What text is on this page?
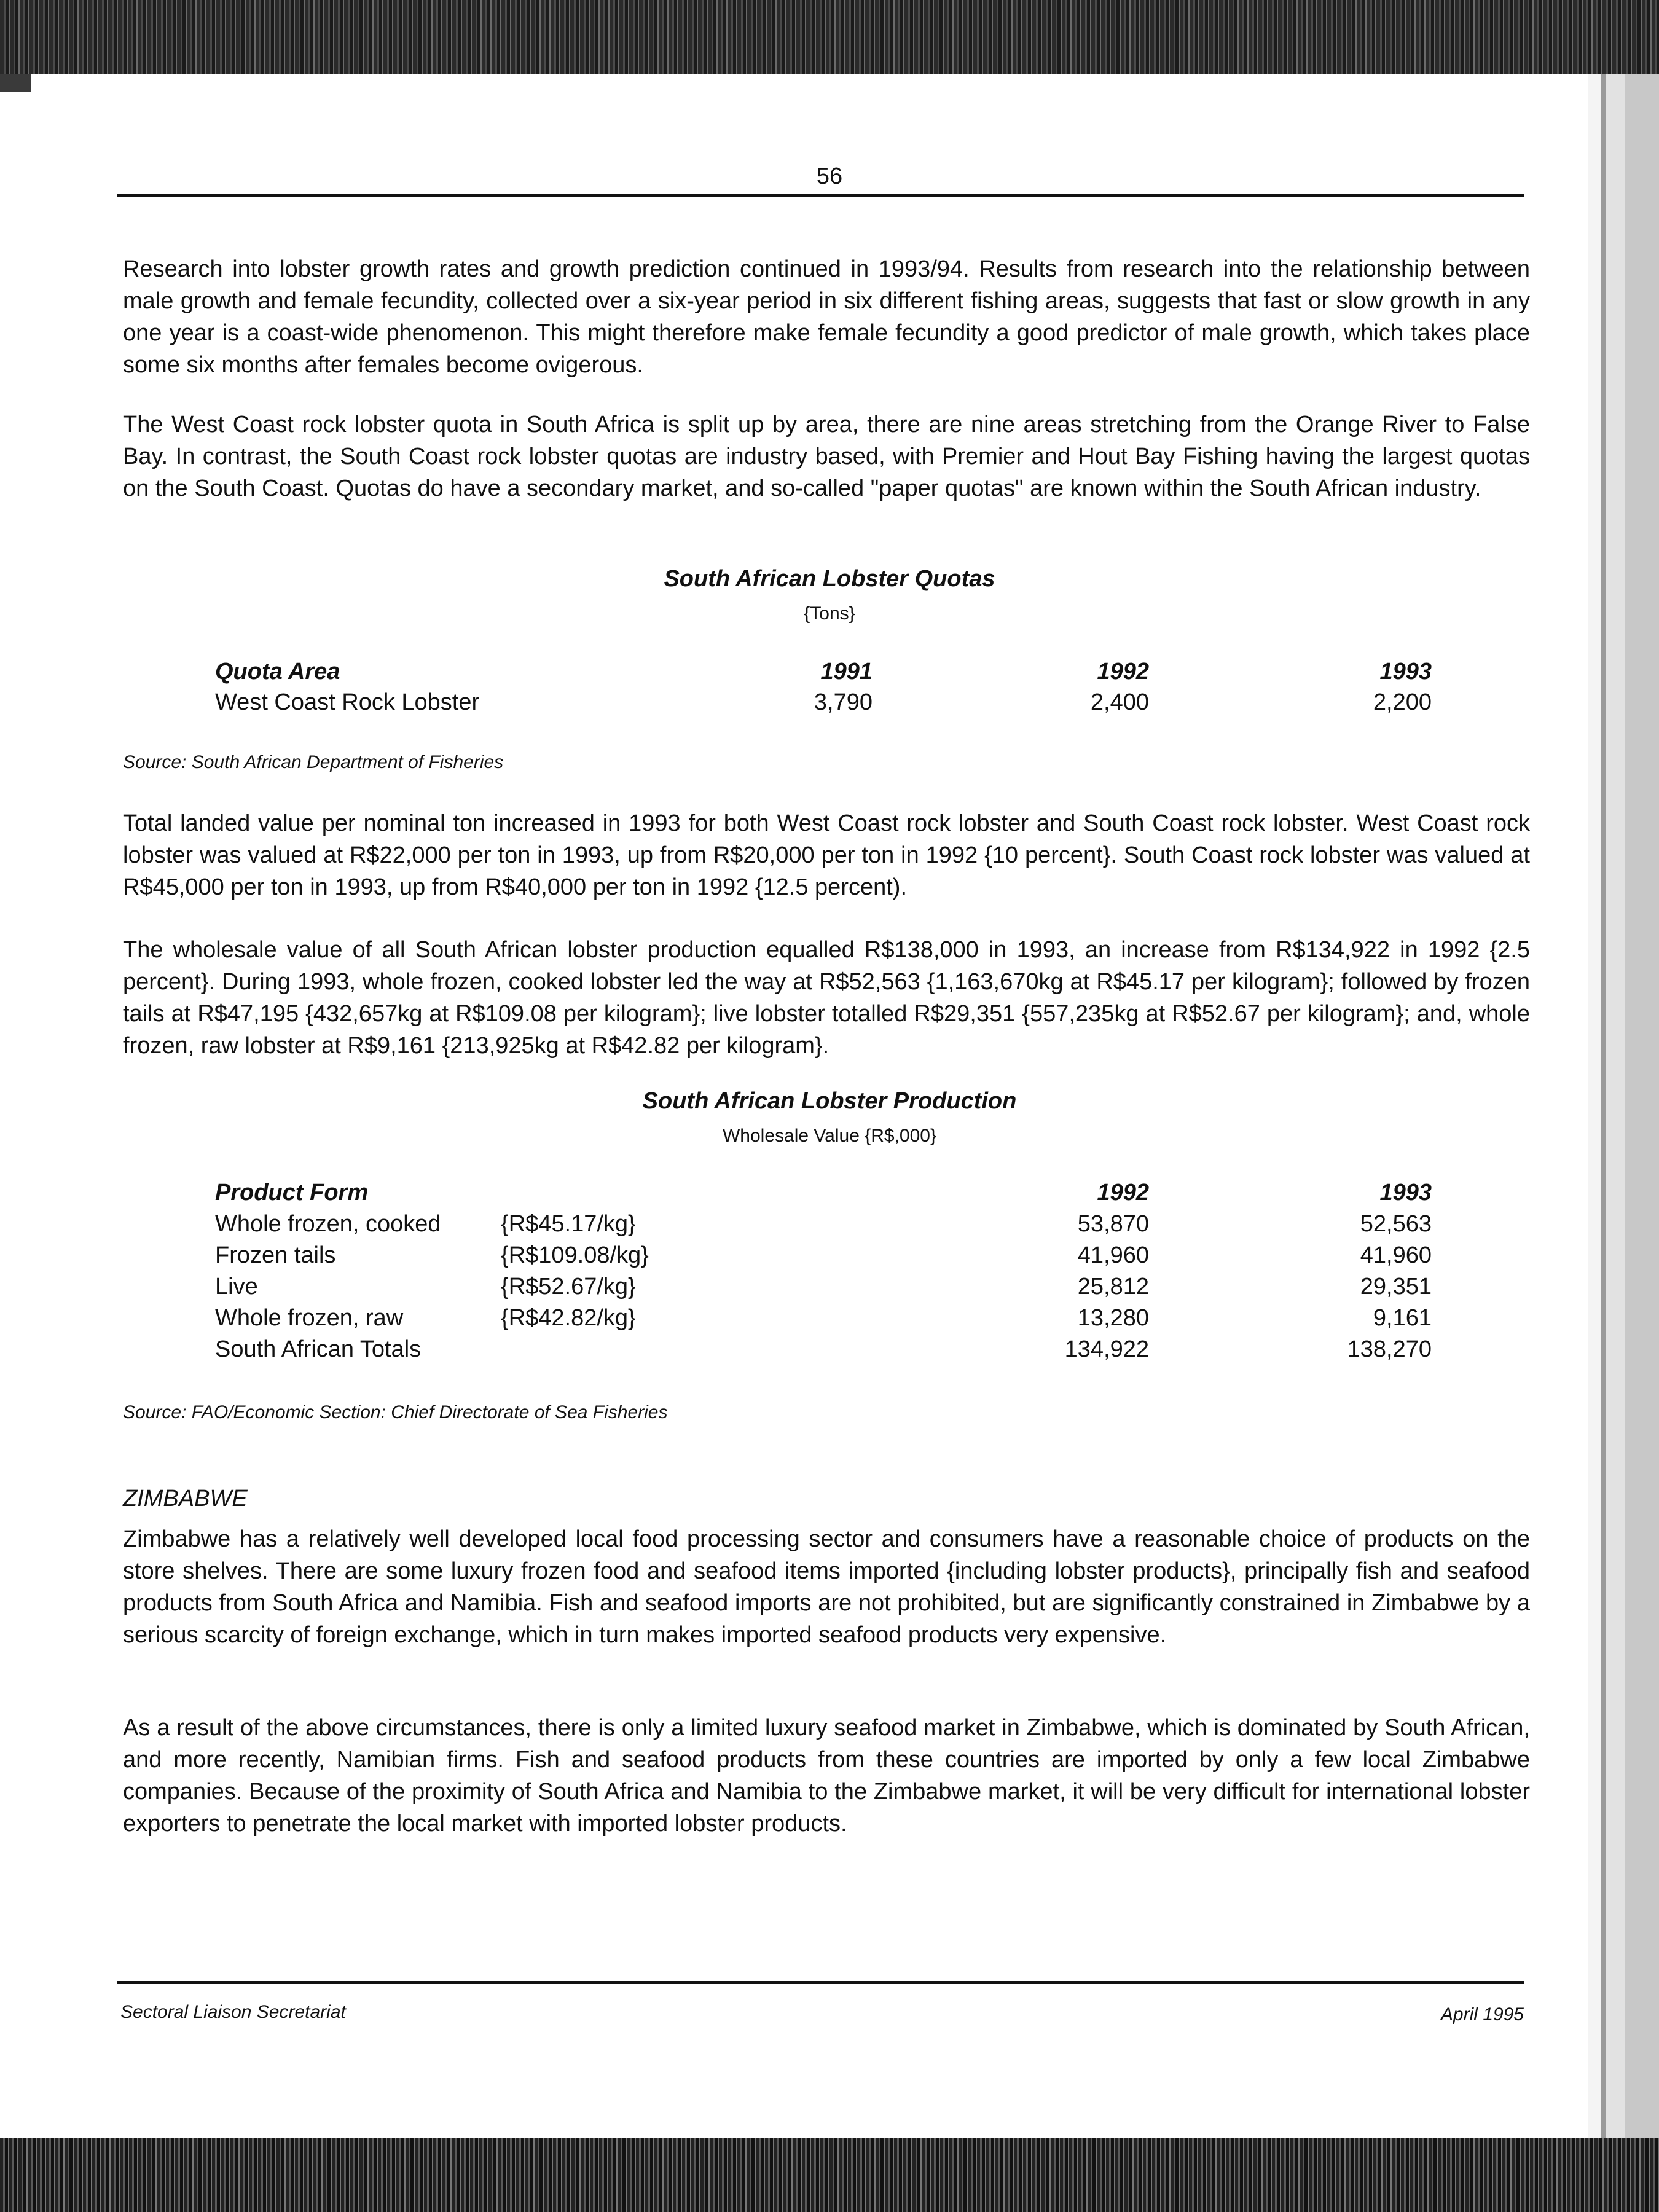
56

Research into lobster growth rates and growth prediction continued in 1993/94. Results from research into the relationship between male growth and female fecundity, collected over a six-year period in six different fishing areas, suggests that fast or slow growth in any one year is a coast-wide phenomenon. This might therefore make female fecundity a good predictor of male growth, which takes place some six months after females become ovigerous.

The West Coast rock lobster quota in South Africa is split up by area, there are nine areas stretching from the Orange River to False Bay. In contrast, the South Coast rock lobster quotas are industry based, with Premier and Hout Bay Fishing having the largest quotas on the South Coast. Quotas do have a secondary market, and so-called "paper quotas" are known within the South African industry.

South African Lobster Quotas
{Tons}
Quota Area	1991	1992	1993
West Coast Rock Lobster	3,790	2,400	2,200
Source: South African Department of Fisheries

Total landed value per nominal ton increased in 1993 for both West Coast rock lobster and South Coast rock lobster. West Coast rock lobster was valued at R$22,000 per ton in 1993, up from R$20,000 per ton in 1992 {10 percent}. South Coast rock lobster was valued at R$45,000 per ton in 1993, up from R$40,000 per ton in 1992 {12.5 percent).

The wholesale value of all South African lobster production equalled R$138,000 in 1993, an increase from R$134,922 in 1992 {2.5 percent}. During 1993, whole frozen, cooked lobster led the way at R$52,563 {1,163,670kg at R$45.17 per kilogram}; followed by frozen tails at R$47,195 {432,657kg at R$109.08 per kilogram}; live lobster totalled R$29,351 {557,235kg at R$52.67 per kilogram}; and, whole frozen, raw lobster at R$9,161 {213,925kg at R$42.82 per kilogram}.

South African Lobster Production
Wholesale Value {R$,000}
Product Form	1992	1993
Whole frozen, cooked	{R$45.17/kg}	53,870	52,563
Frozen tails	{R$109.08/kg}	41,960	41,960
Live	{R$52.67/kg}	25,812	29,351
Whole frozen, raw	{R$42.82/kg}	13,280	9,161
South African Totals	134,922	138,270
Source: FAO/Economic Section: Chief Directorate of Sea Fisheries
ZIMBABWE

Zimbabwe has a relatively well developed local food processing sector and consumers have a reasonable choice of products on the store shelves. There are some luxury frozen food and seafood items imported {including lobster products}, principally fish and seafood products from South Africa and Namibia. Fish and seafood imports are not prohibited, but are significantly constrained in Zimbabwe by a serious scarcity of foreign exchange, which in turn makes imported seafood products very expensive.

As a result of the above circumstances, there is only a limited luxury seafood market in Zimbabwe, which is dominated by South African, and more recently, Namibian firms. Fish and seafood products from these countries are imported by only a few local Zimbabwe companies. Because of the proximity of South Africa and Namibia to the Zimbabwe market, it will be very difficult for international lobster exporters to penetrate the local market with imported lobster products.

Sectoral Liaison Secretariat	April 1995
